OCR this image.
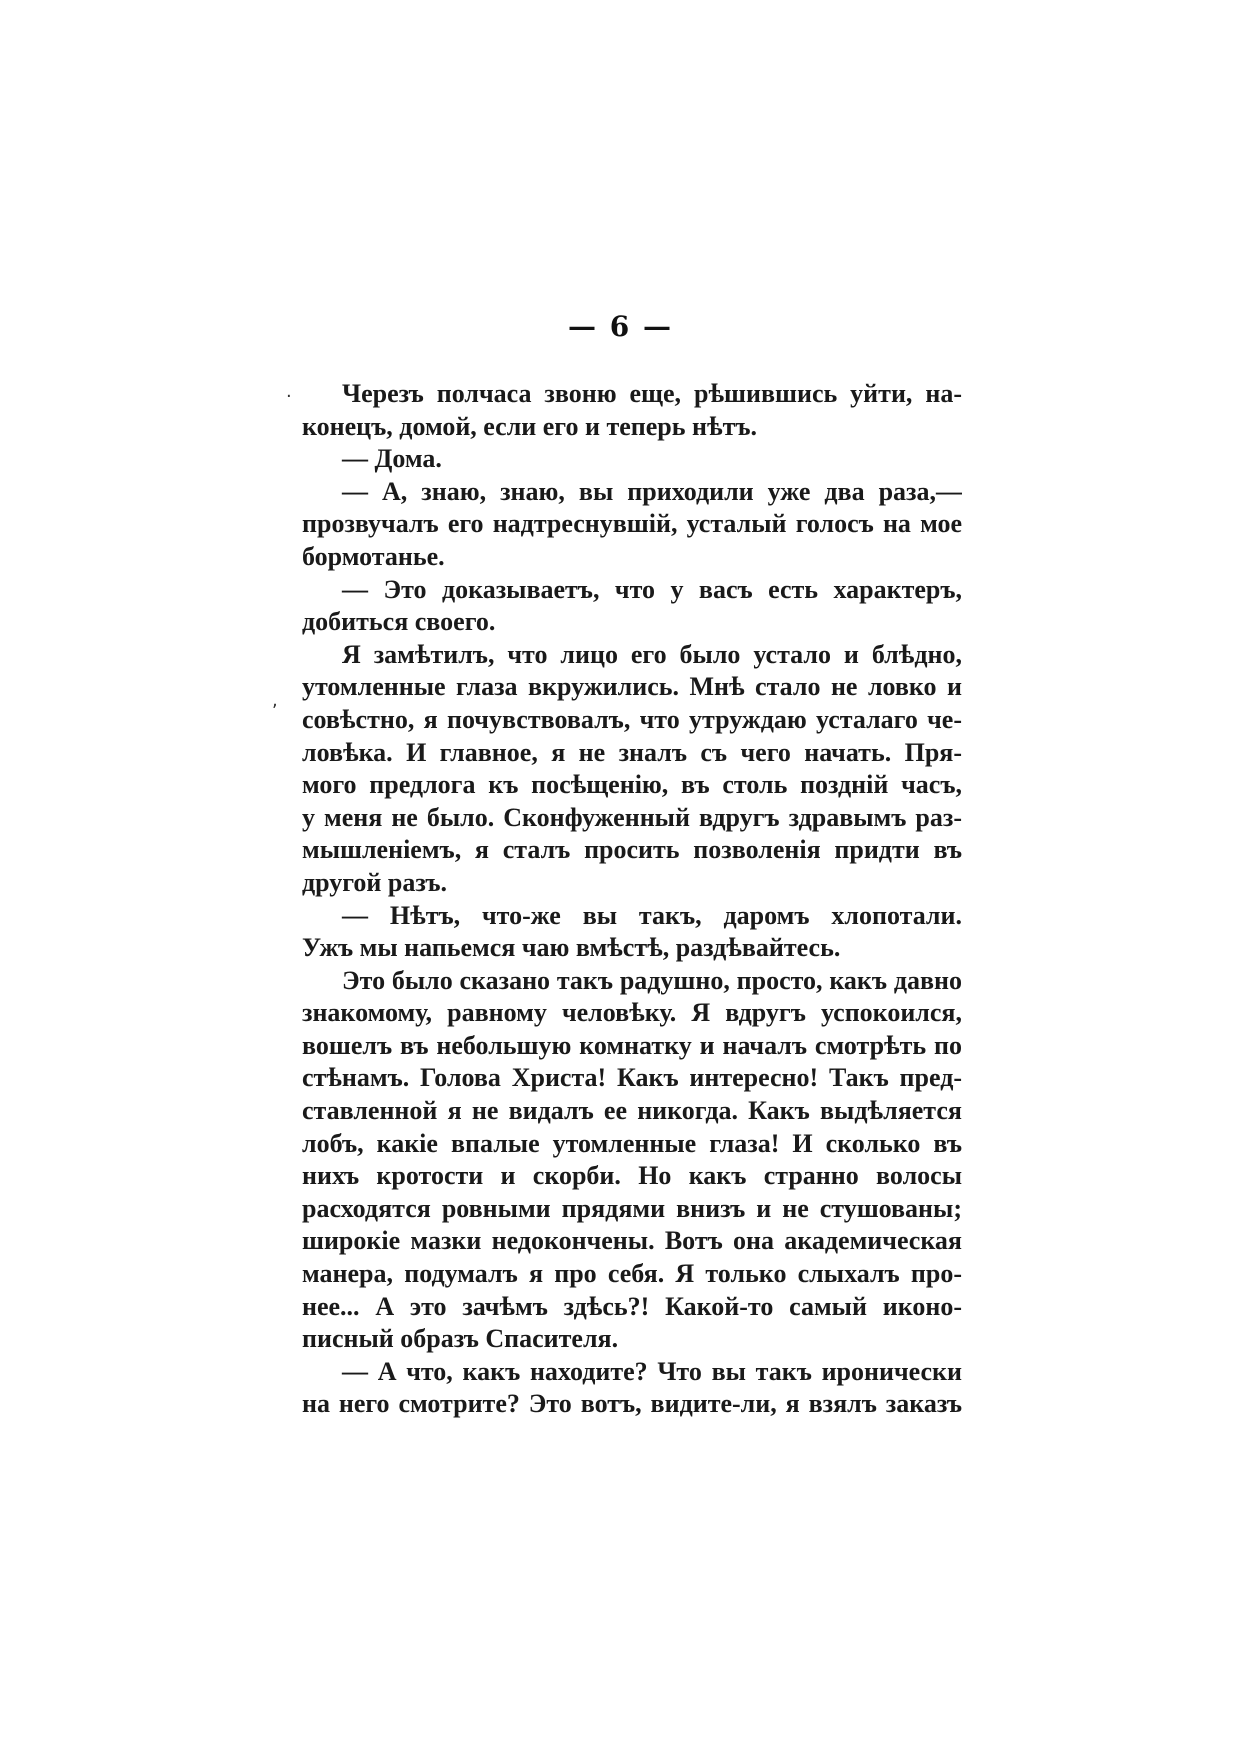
— 6 —
·
,
Черезъ полчаса звоню еще, рѣшившись уйти, на-
конецъ, домой, если его и теперь нѣтъ.
— Дома.
— А, знаю, знаю, вы приходили уже два раза,—
прозвучалъ его надтреснувшій, усталый голосъ на мое
бормотанье.
— Это доказываетъ, что у васъ есть характеръ,
добиться своего.
Я замѣтилъ, что лицо его было устало и блѣдно,
утомленные глаза вкружились. Мнѣ стало не ловко и
совѣстно, я почувствовалъ, что утруждаю усталаго че-
ловѣка. И главное, я не зналъ съ чего начать. Пря-
мого предлога къ посѣщенію, въ столь поздній часъ,
у меня не было. Сконфуженный вдругъ здравымъ раз-
мышленіемъ, я сталъ просить позволенія придти въ
другой разъ.
— Нѣтъ, что-же вы такъ, даромъ хлопотали.
Ужъ мы напьемся чаю вмѣстѣ, раздѣвайтесь.
Это было сказано такъ радушно, просто, какъ давно
знакомому, равному человѣку. Я вдругъ успокоился,
вошелъ въ небольшую комнатку и началъ смотрѣть по
стѣнамъ. Голова Христа! Какъ интересно! Такъ пред-
ставленной я не видалъ ее никогда. Какъ выдѣляется
лобъ, какіе впалые утомленные глаза! И сколько въ
нихъ кротости и скорби. Но какъ странно волосы
расходятся ровными прядями внизъ и не стушованы;
широкіе мазки недокончены. Вотъ она академическая
манера, подумалъ я про себя. Я только слыхалъ про-
нее... А это зачѣмъ здѣсь?! Какой-то самый иконо-
писный образъ Спасителя.
— А что, какъ находите? Что вы такъ иронически
на него смотрите? Это вотъ, видите-ли, я взялъ заказъ
